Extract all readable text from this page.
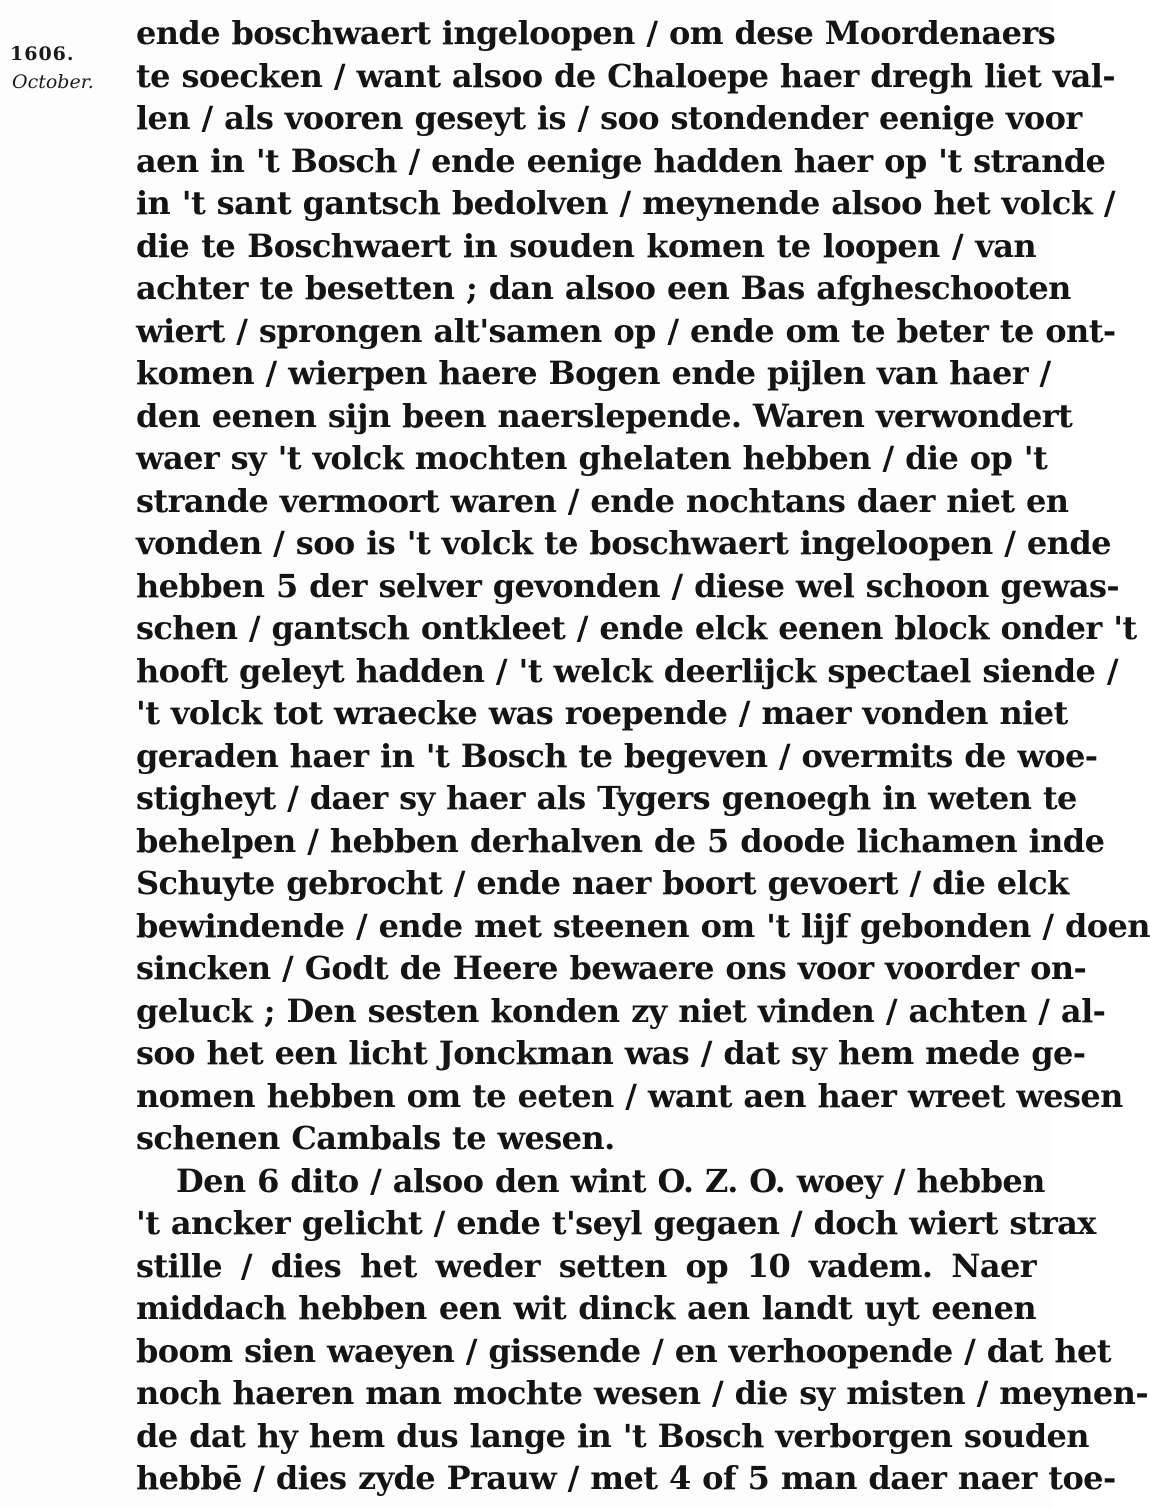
1606.
October.
ende boschwaert ingeloopen / om dese Moordenaers
te soecken / want alsoo de Chaloepe haer dregh liet val-
len / als vooren geseyt is / soo stondender eenige voor
aen in 't Bosch / ende eenige hadden haer op 't strande
in 't sant gantsch bedolven / meynende alsoo het volck /
die te Boschwaert in souden komen te loopen / van
achter te besetten ; dan alsoo een Bas afgheschooten
wiert / sprongen alt'samen op / ende om te beter te ont-
komen / wierpen haere Bogen ende pijlen van haer /
den eenen sijn been naerslepende. Waren verwondert
waer sy 't volck mochten ghelaten hebben / die op 't
strande vermoort waren / ende nochtans daer niet en
vonden / soo is 't volck te boschwaert ingeloopen / ende
hebben 5 der selver gevonden / diese wel schoon gewas-
schen / gantsch ontkleet / ende elck eenen block onder 't
hooft geleyt hadden / 't welck deerlijck spectael siende /
't volck tot wraecke was roepende / maer vonden niet
geraden haer in 't Bosch te begeven / overmits de woe-
stigheyt / daer sy haer als Tygers genoegh in weten te
behelpen / hebben derhalven de 5 doode lichamen inde
Schuyte gebrocht / ende naer boort gevoert / die elck
bewindende / ende met steenen om 't lijf gebonden / doen
sincken / Godt de Heere bewaere ons voor voorder on-
geluck ; Den sesten konden zy niet vinden / achten / al-
soo het een licht Jonckman was / dat sy hem mede ge-
nomen hebben om te eeten / want aen haer wreet wesen
schenen Cambals te wesen.
Den 6 dito / alsoo den wint O. Z. O. woey / hebben
't ancker gelicht / ende t'seyl gegaen / doch wiert strax
stille / dies het weder setten op 10 vadem. Naer
middach hebben een wit dinck aen landt uyt eenen
boom sien waeyen / gissende / en verhoopende / dat het
noch haeren man mochte wesen / die sy misten / meynen-
de dat hy hem dus lange in 't Bosch verborgen souden
hebbē / dies zyde Prauw / met 4 of 5 man daer naer toe-
